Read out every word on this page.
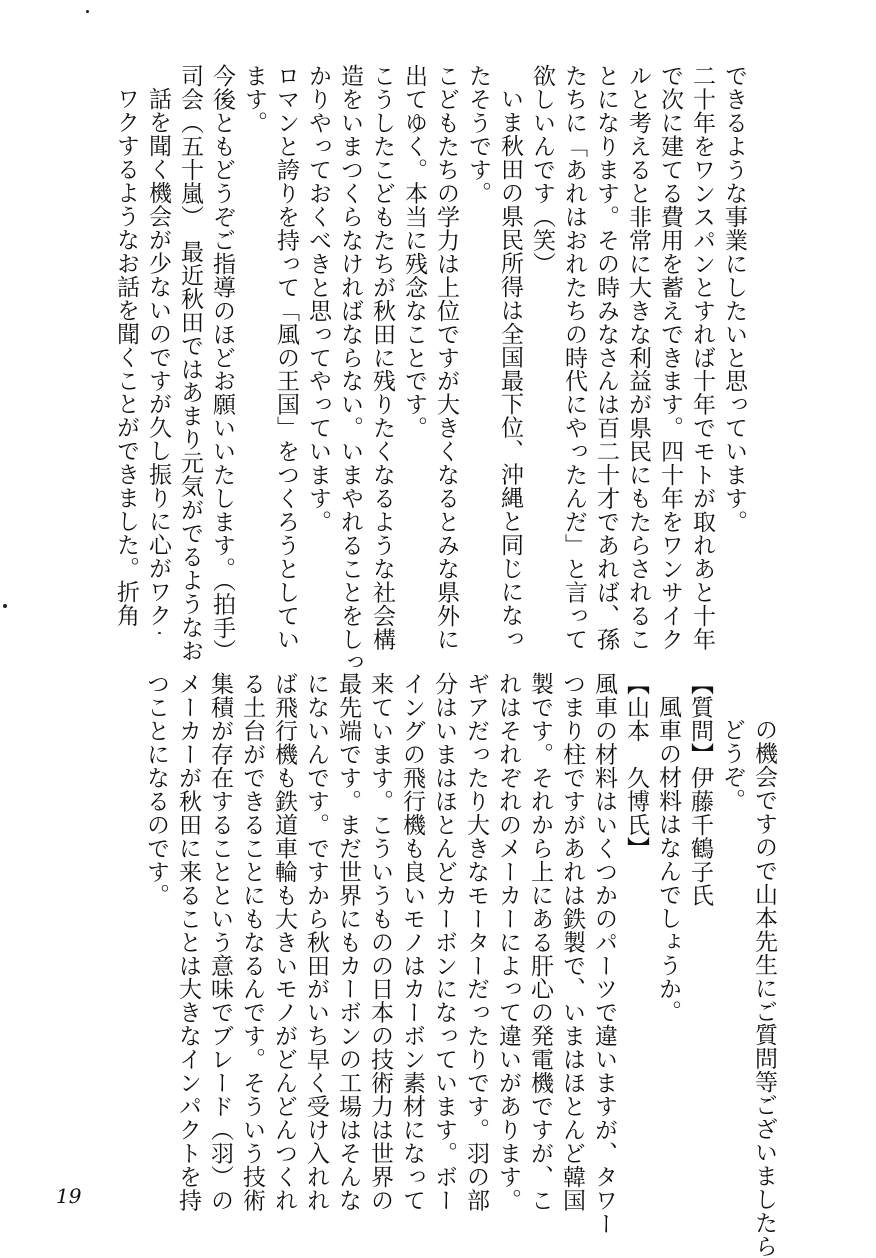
できるような事業にしたいと思っています。
二十年をワンスパンとすれば十年でモトが取れあと十年
で次に建てる費用を蓄えできます。四十年をワンサイク
ルと考えると非常に大きな利益が県民にもたらされるこ
とになります。その時みなさんは百二十才であれば、孫
たちに「あれはおれたちの時代にやったんだ」と言って
欲しいんです（笑）
いま秋田の県民所得は全国最下位、沖縄と同じになっ
たそうです。
こどもたちの学力は上位ですが大きくなるとみな県外に
出てゆく。本当に残念なことです。
こうしたこどもたちが秋田に残りたくなるような社会構
造をいまつくらなければならない。いまやれることをしっ
かりやっておくべきと思ってやっています。
ロマンと誇りを持って「風の王国」をつくろうとしてい
ます。
今後ともどうぞご指導のほどお願いいたします。（拍手）
司会（五十嵐）最近秋田ではあまり元気がでるようなお
話を聞く機会が少ないのですが久し振りに心がワク
ワクするようなお話を聞くことができました。折角
の機会ですので山本先生にご質問等ございましたら
どうぞ。
【質問】伊藤千鶴子氏
風車の材料はなんでしょうか。
【山本　久博氏】
風車の材料はいくつかのパーツで違いますが、タワー
つまり柱ですがあれは鉄製で、いまはほとんど韓国
製です。それから上にある肝心の発電機ですが、こ
れはそれぞれのメーカーによって違いがあります。
ギアだったり大きなモーターだったりです。羽の部
分はいまはほとんどカーボンになっています。ボー
イングの飛行機も良いモノはカーボン素材になって
来ています。こういうものの日本の技術力は世界の
最先端です。まだ世界にもカーボンの工場はそんな
にないんです。ですから秋田がいち早く受け入れれ
ば飛行機も鉄道車輪も大きいモノがどんどんつくれ
る土台ができることにもなるんです。そういう技術
集積が存在することという意味でブレード（羽）の
メーカーが秋田に来ることは大きなインパクトを持
つことになるのです。
19
